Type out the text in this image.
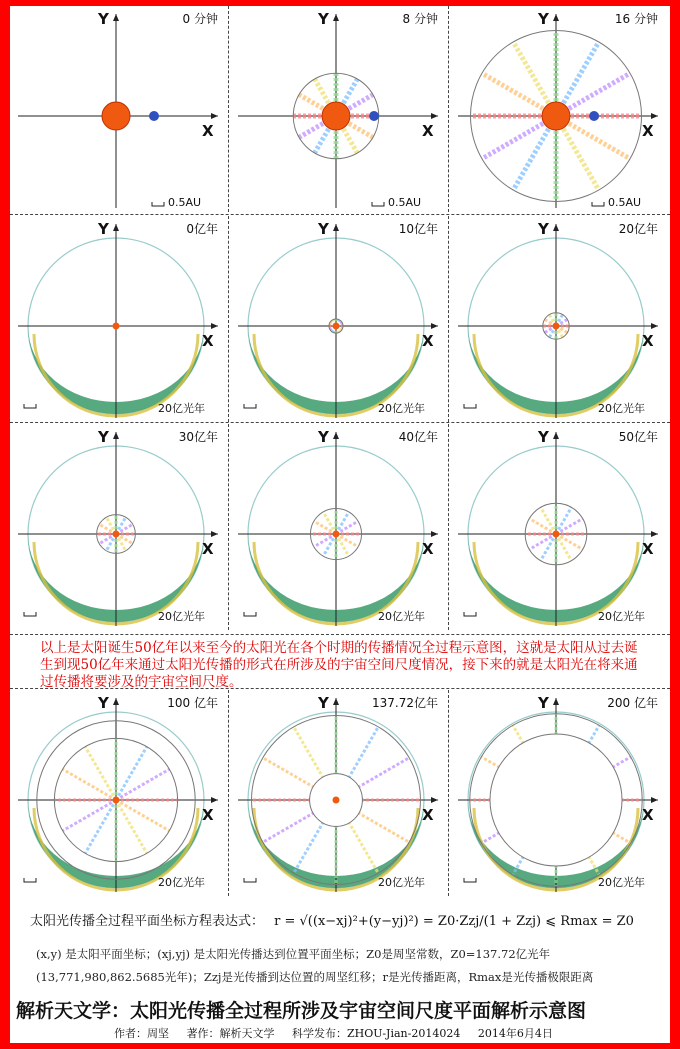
Y
X
0 分钟
0.5AU
Y
X
8 分钟
0.5AU
Y
X
16 分钟
0.5AU
Y
X
0亿年
20亿光年
Y
X
10亿年
20亿光年
Y
X
20亿年
20亿光年
Y
X
30亿年
20亿光年
Y
X
40亿年
20亿光年
Y
X
50亿年
20亿光年
Y
X
100 亿年
20亿光年
Y
X
137.72亿年
20亿光年
Y
X
200 亿年
20亿光年
以上是太阳诞生50亿年以来至今的太阳光在各个时期的传播情况全过程示意图，这就是太阳从过去诞生到现50亿年来通过太阳光传播的形式在所涉及的宇宙空间尺度情况，接下来的就是太阳光在将来通过传播将要涉及的宇宙空间尺度。
太阳光传播全过程平面坐标方程表达式： r = √((x−xj)²+(y−yj)²) = Z0·Zzj/(1 + Zzj) ⩽ Rmax = Z0
(x,y) 是太阳平面坐标；(xj,yj) 是太阳光传播达到位置平面坐标；Z0是周坚常数，Z0=137.72亿光年
(13,771,980,862.5685光年)；Zzj是光传播到达位置的周坚红移；r是光传播距离，Rmax是光传播极限距离
解析天文学：太阳光传播全过程所涉及宇宙空间尺度平面解析示意图
作者：周坚 著作：解析天文学 科学发布：ZHOU-Jian-2014024 2014年6月4日
